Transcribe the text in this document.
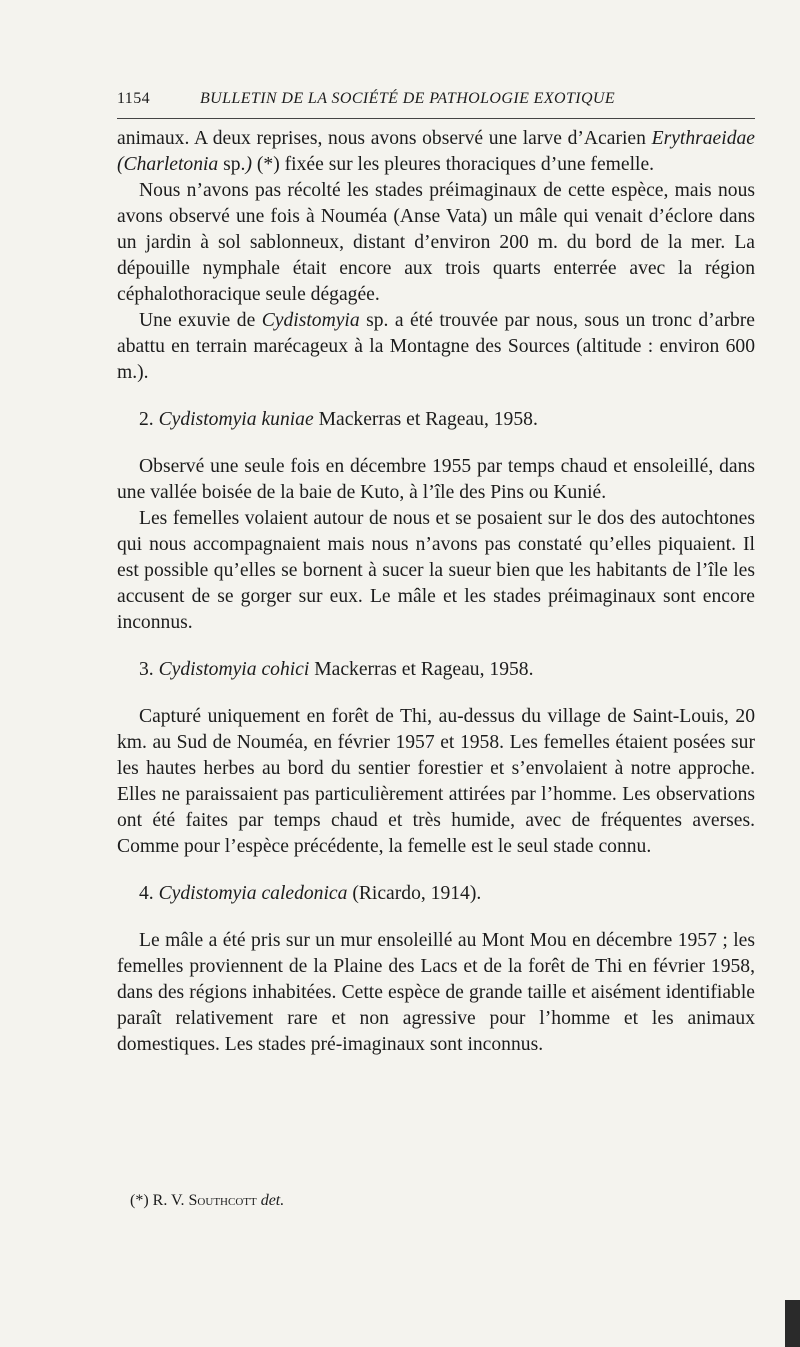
1154	BULLETIN DE LA SOCIÉTÉ DE PATHOLOGIE EXOTIQUE

animaux. A deux reprises, nous avons observé une larve d’Acarien Erythraeidae (Charletonia sp.) (*) fixée sur les pleures thoraciques d’une femelle.

Nous n’avons pas récolté les stades préimaginaux de cette espèce, mais nous avons observé une fois à Nouméa (Anse Vata) un mâle qui venait d’éclore dans un jardin à sol sablonneux, distant d’environ 200 m. du bord de la mer. La dépouille nymphale était encore aux trois quarts enterrée avec la région céphalothoracique seule dégagée.

Une exuvie de Cydistomyia sp. a été trouvée par nous, sous un tronc d’arbre abattu en terrain marécageux à la Montagne des Sources (altitude : environ 600 m.).

2. Cydistomyia kuniae Mackerras et Rageau, 1958.

Observé une seule fois en décembre 1955 par temps chaud et ensoleillé, dans une vallée boisée de la baie de Kuto, à l’île des Pins ou Kunié.

Les femelles volaient autour de nous et se posaient sur le dos des autochtones qui nous accompagnaient mais nous n’avons pas constaté qu’elles piquaient. Il est possible qu’elles se bornent à sucer la sueur bien que les habitants de l’île les accusent de se gorger sur eux. Le mâle et les stades préimaginaux sont encore inconnus.

3. Cydistomyia cohici Mackerras et Rageau, 1958.

Capturé uniquement en forêt de Thi, au-dessus du village de Saint-Louis, 20 km. au Sud de Nouméa, en février 1957 et 1958. Les femelles étaient posées sur les hautes herbes au bord du sentier forestier et s’envolaient à notre approche. Elles ne paraissaient pas particulièrement attirées par l’homme. Les observations ont été faites par temps chaud et très humide, avec de fréquentes averses. Comme pour l’espèce précédente, la femelle est le seul stade connu.

4. Cydistomyia caledonica (Ricardo, 1914).

Le mâle a été pris sur un mur ensoleillé au Mont Mou en décembre 1957 ; les femelles proviennent de la Plaine des Lacs et de la forêt de Thi en février 1958, dans des régions inhabitées. Cette espèce de grande taille et aisément identifiable paraît relativement rare et non agressive pour l’homme et les animaux domestiques. Les stades pré-imaginaux sont inconnus.

(*) R. V. Southcott det.
